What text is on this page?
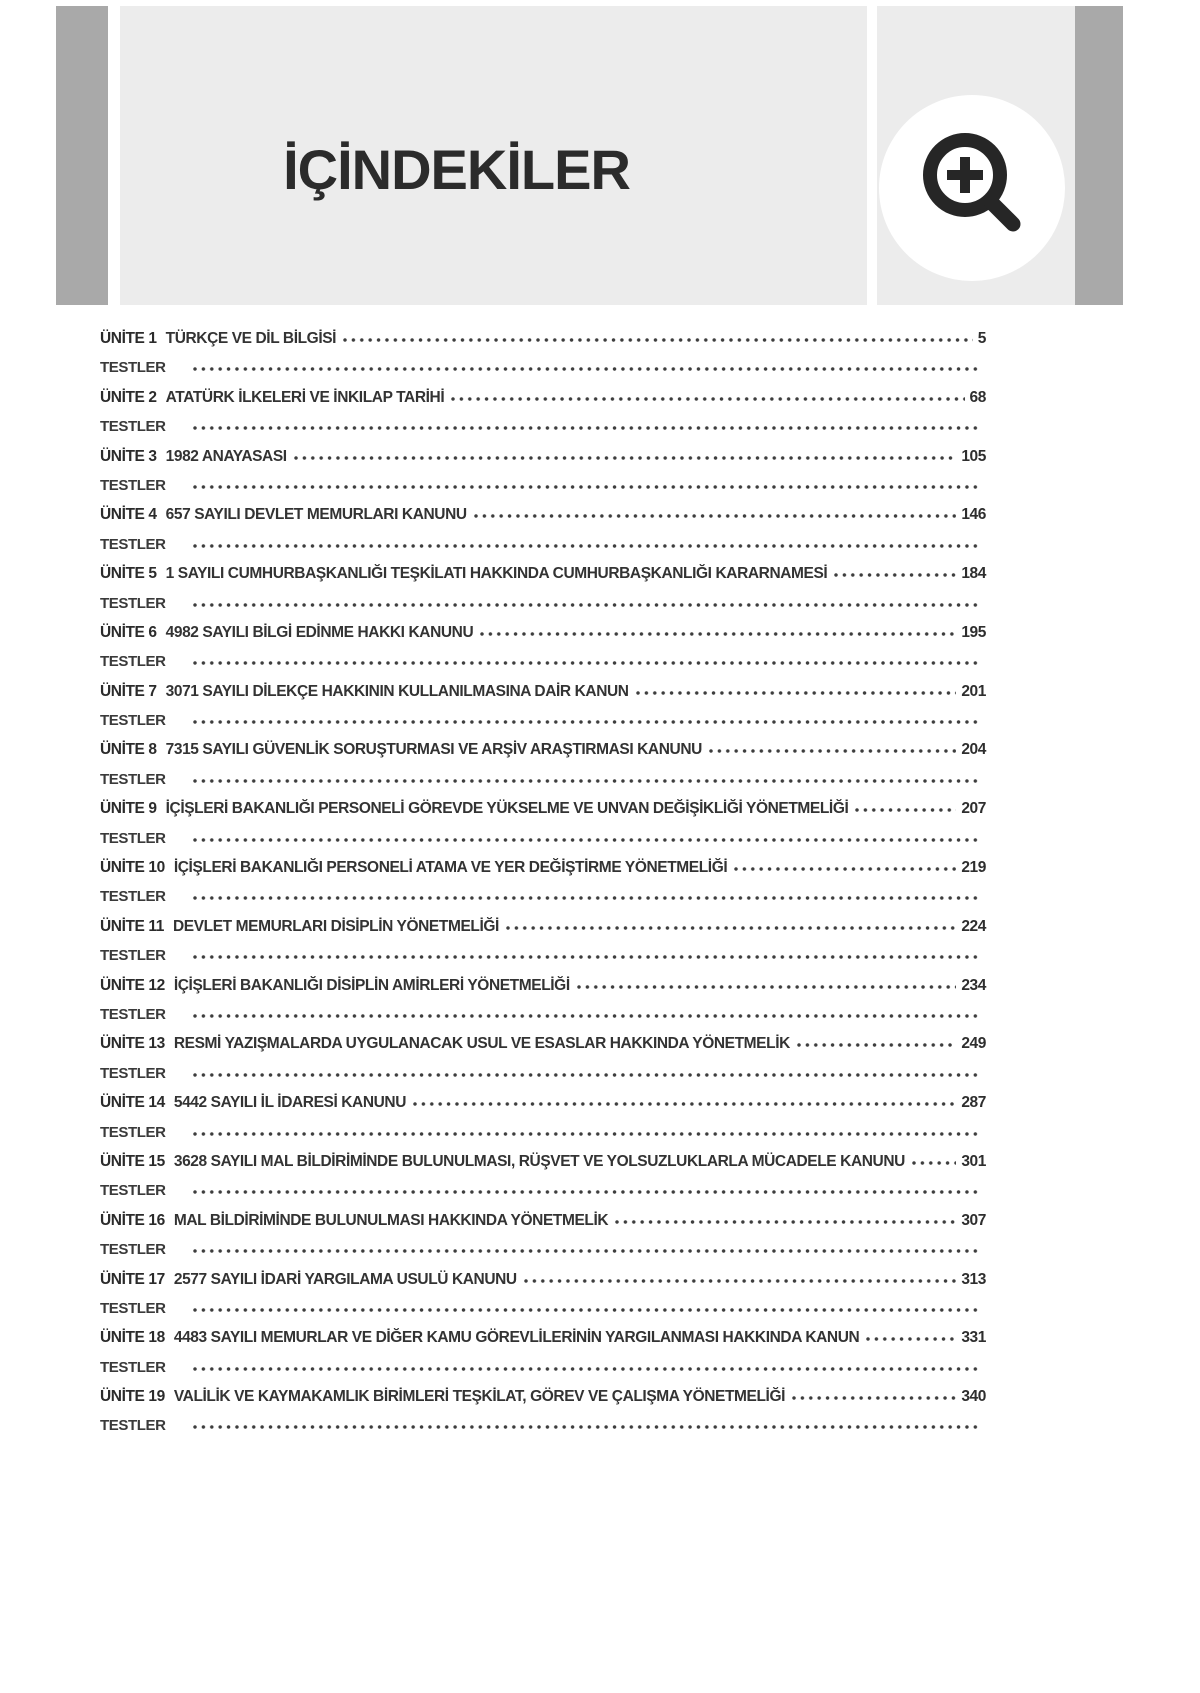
İÇİNDEKİLER
ÜNİTE 1 TÜRKÇE VE DİL BİLGİSİ	5
TESTLER
ÜNİTE 2 ATATÜRK İLKELERİ VE İNKILAP TARİHİ	68
TESTLER
ÜNİTE 3 1982 ANAYASASI	105
TESTLER
ÜNİTE 4 657 SAYILI DEVLET MEMURLARI KANUNU	146
TESTLER
ÜNİTE 5 1 SAYILI CUMHURBAŞKANLIĞI TEŞKİLATI HAKKINDA CUMHURBAŞKANLIĞI KARARNAMESİ	184
TESTLER
ÜNİTE 6 4982 SAYILI BİLGİ EDİNME HAKKI KANUNU	195
TESTLER
ÜNİTE 7 3071 SAYILI DİLEKÇE HAKKININ KULLANILMASINA DAİR KANUN	201
TESTLER
ÜNİTE 8 7315 SAYILI GÜVENLİK SORUŞTURMASI VE ARŞİV ARAŞTIRMASI KANUNU	204
TESTLER
ÜNİTE 9 İÇİŞLERİ BAKANLIĞI PERSONELİ GÖREVDE YÜKSELME VE UNVAN DEĞİŞİKLİĞİ YÖNETMELİĞİ	207
TESTLER
ÜNİTE 10 İÇİŞLERİ BAKANLIĞI PERSONELİ ATAMA VE YER DEĞİŞTİRME YÖNETMELİĞİ	219
TESTLER
ÜNİTE 11 DEVLET MEMURLARI DİSİPLİN YÖNETMELİĞİ	224
TESTLER
ÜNİTE 12 İÇİŞLERİ BAKANLIĞI DİSİPLİN AMİRLERİ YÖNETMELİĞİ	234
TESTLER
ÜNİTE 13 RESMİ YAZIŞMALARDA UYGULANACAK USUL VE ESASLAR HAKKINDA YÖNETMELİK	249
TESTLER
ÜNİTE 14 5442 SAYILI İL İDARESİ KANUNU	287
TESTLER
ÜNİTE 15 3628 SAYILI MAL BİLDİRİMİNDE BULUNULMASI, RÜŞVET VE YOLSUZLUKLARLA MÜCADELE KANUNU	301
TESTLER
ÜNİTE 16 MAL BİLDİRİMİNDE BULUNULMASI HAKKINDA YÖNETMELİK	307
TESTLER
ÜNİTE 17 2577 SAYILI İDARİ YARGILAMA USULÜ KANUNU	313
TESTLER
ÜNİTE 18 4483 SAYILI MEMURLAR VE DİĞER KAMU GÖREVLİLERİNİN YARGILANMASI HAKKINDA KANUN	331
TESTLER
ÜNİTE 19 VALİLİK VE KAYMAKAMLIK BİRİMLERİ TEŞKİLAT, GÖREV VE ÇALIŞMA YÖNETMELİĞİ	340
TESTLER
